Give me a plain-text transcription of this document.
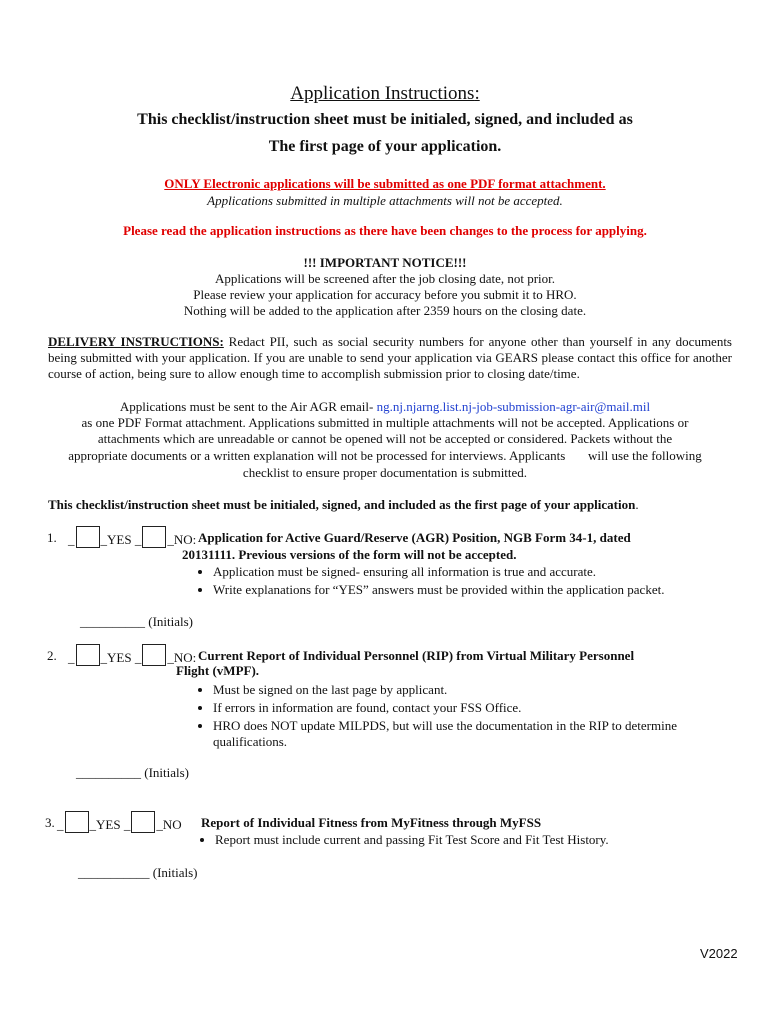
Application Instructions:
This checklist/instruction sheet must be initialed, signed, and included as
The first page of your application.
ONLY Electronic applications will be submitted as one PDF format attachment.
Applications submitted in multiple attachments will not be accepted.
Please read the application instructions as there have been changes to the process for applying.
!!! IMPORTANT NOTICE!!!
Applications will be screened after the job closing date, not prior.
Please review your application for accuracy before you submit it to HRO.
Nothing will be added to the application after 2359 hours on the closing date.
DELIVERY INSTRUCTIONS: Redact PII, such as social security numbers for anyone other than yourself in any documents being submitted with your application. If you are unable to send your application via GEARS please contact this office for another course of action, being sure to allow enough time to accomplish submission prior to closing date/time.
Applications must be sent to the Air AGR email- ng.nj.njarng.list.nj-job-submission-agr-air@mail.mil
as one PDF Format attachment. Applications submitted in multiple attachments will not be accepted. Applications or
attachments which are unreadable or cannot be opened will not be accepted or considered. Packets without the
appropriate documents or a written explanation will not be processed for interviews. Applicants       will use the following
checklist to ensure proper documentation is submitted.
This checklist/instruction sheet must be initialed, signed, and included as the first page of your application.
1. _ _YES _ _NO: Application for Active Guard/Reserve (AGR) Position, NGB Form 34-1, dated
20131111. Previous versions of the form will not be accepted.
• Application must be signed- ensuring all information is true and accurate.
• Write explanations for “YES” answers must be provided within the application packet.
__________ (Initials)
2. _ _YES _ _NO: Current Report of Individual Personnel (RIP) from Virtual Military Personnel
Flight (vMPF).
• Must be signed on the last page by applicant.
• If errors in information are found, contact your FSS Office.
• HRO does NOT update MILPDS, but will use the documentation in the RIP to determine qualifications.
__________ (Initials)
3. _ _YES _ _NO Report of Individual Fitness from MyFitness through MyFSS
• Report must include current and passing Fit Test Score and Fit Test History.
___________ (Initials)
V2022
